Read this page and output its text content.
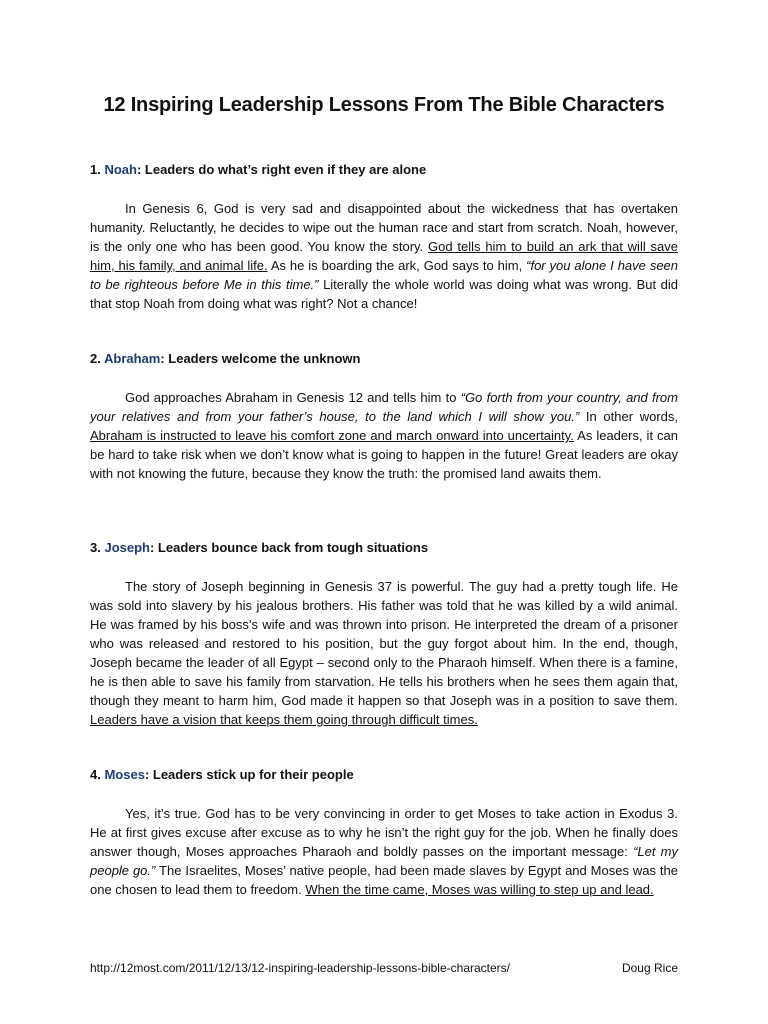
12 Inspiring Leadership Lessons From The Bible Characters

1. Noah: Leaders do what’s right even if they are alone

In Genesis 6, God is very sad and disappointed about the wickedness that has overtaken humanity. Reluctantly, he decides to wipe out the human race and start from scratch. Noah, however, is the only one who has been good. You know the story. God tells him to build an ark that will save him, his family, and animal life. As he is boarding the ark, God says to him, “for you alone I have seen to be righteous before Me in this time.” Literally the whole world was doing what was wrong. But did that stop Noah from doing what was right? Not a chance!

2. Abraham: Leaders welcome the unknown

God approaches Abraham in Genesis 12 and tells him to “Go forth from your country, and from your relatives and from your father’s house, to the land which I will show you.” In other words, Abraham is instructed to leave his comfort zone and march onward into uncertainty. As leaders, it can be hard to take risk when we don’t know what is going to happen in the future! Great leaders are okay with not knowing the future, because they know the truth: the promised land awaits them.

3. Joseph: Leaders bounce back from tough situations

The story of Joseph beginning in Genesis 37 is powerful. The guy had a pretty tough life. He was sold into slavery by his jealous brothers. His father was told that he was killed by a wild animal. He was framed by his boss’s wife and was thrown into prison. He interpreted the dream of a prisoner who was released and restored to his position, but the guy forgot about him. In the end, though, Joseph became the leader of all Egypt – second only to the Pharaoh himself. When there is a famine, he is then able to save his family from starvation. He tells his brothers when he sees them again that, though they meant to harm him, God made it happen so that Joseph was in a position to save them. Leaders have a vision that keeps them going through difficult times.

4. Moses: Leaders stick up for their people

Yes, it’s true. God has to be very convincing in order to get Moses to take action in Exodus 3. He at first gives excuse after excuse as to why he isn’t the right guy for the job. When he finally does answer though, Moses approaches Pharaoh and boldly passes on the important message: “Let my people go.” The Israelites, Moses’ native people, had been made slaves by Egypt and Moses was the one chosen to lead them to freedom. When the time came, Moses was willing to step up and lead.

http://12most.com/2011/12/13/12-inspiring-leadership-lessons-bible-characters/	Doug Rice
